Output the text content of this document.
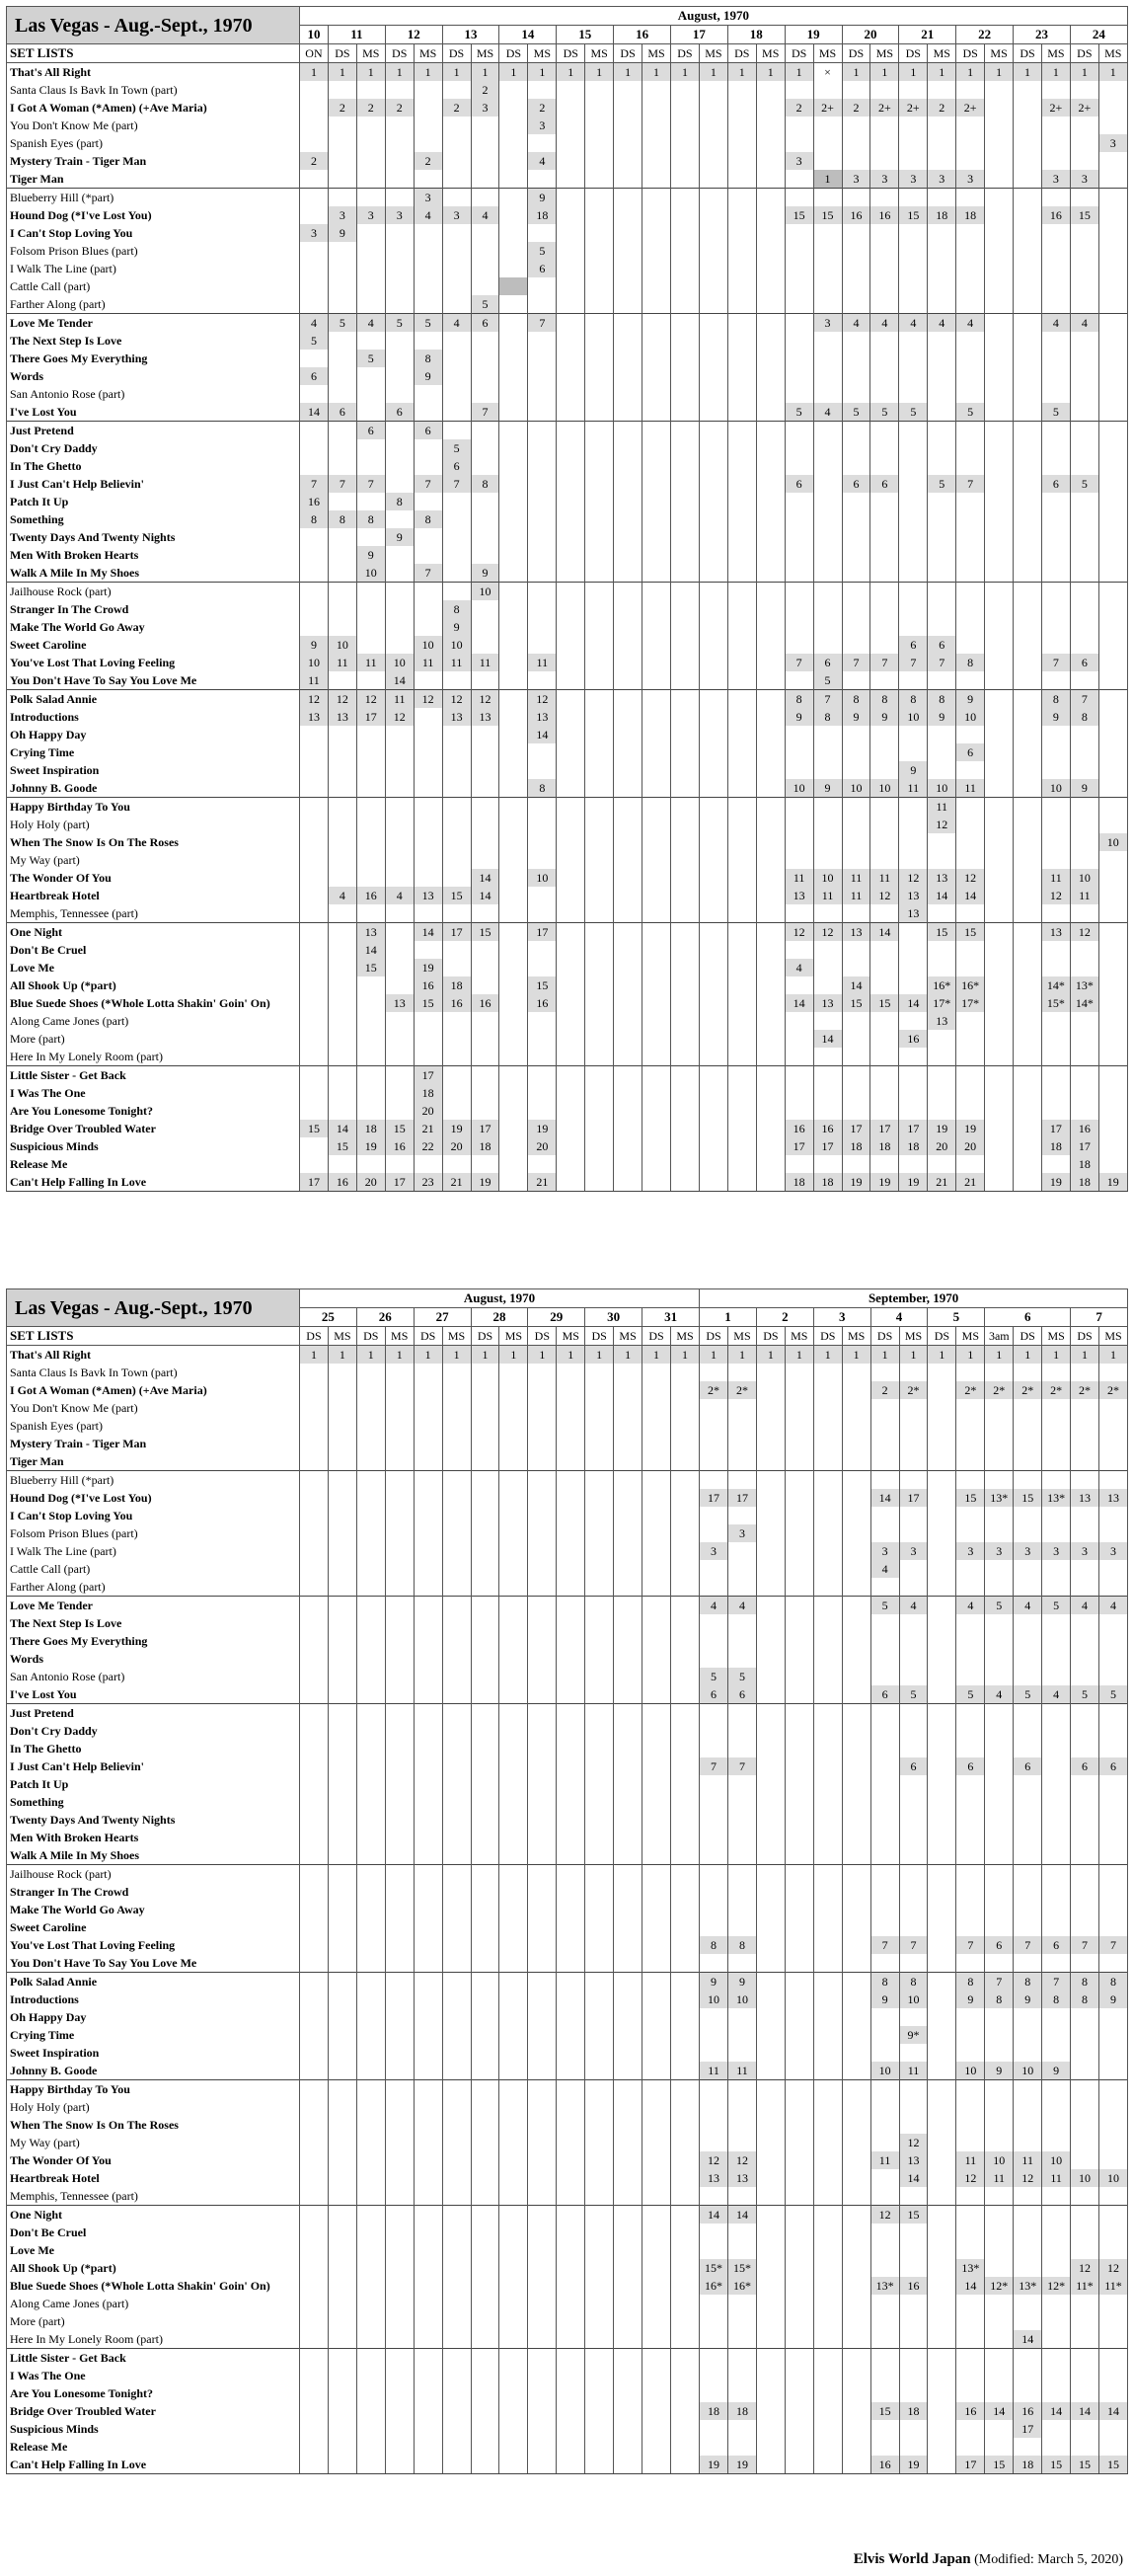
Las Vegas - Aug.-Sept., 1970	August, 1970																												
	10	11		12		13		14		15		16		17		18		19		20		21		22		23		24	
SET LISTS	ON	DS	MS	DS	MS	DS	MS	DS	MS	DS	MS	DS	MS	DS	MS	DS	MS	DS	MS	DS	MS	DS	MS	DS	MS	DS	MS	DS	MS
That's All Right	1	1	1	1	1	1	1	1	1	1	1	1	1	1	1	1	1	1	×	1	1	1	1	1	1	1	1	1	1
Santa Claus Is Bavk In Town (part)							2																						
I Got A Woman (*Amen) (+Ave Maria)		2	2	2		2	3		2									2	2+	2	2+	2+	2	2+			2+	2+	
You Don't Know Me (part)									3																				
Spanish Eyes (part)																													3
Mystery Train - Tiger Man	2				2				4									3											
Tiger Man																			1	3	3	3	3	3			3	3	
Blueberry Hill (*part)					3				9																				
Hound Dog (*I've Lost You)		3	3	3	4	3	4		18									15	15	16	16	15	18	18			16	15	
I Can't Stop Loving You	3	9																											
Folsom Prison Blues (part)									5																				
I Walk The Line (part)									6																				
Cattle Call (part)																													
Farther Along (part)							5																						
Love Me Tender	4	5	4	5	5	4	6		7										3	4	4	4	4	4			4	4	
The Next Step Is Love	5																												
There Goes My Everything			5		8																								
Words	6				9																								
San Antonio Rose (part)																													
I've Lost You	14	6		6			7											5	4	5	5	5		5			5		
Just Pretend			6		6																								
Don't Cry Daddy						5																							
In The Ghetto						6																							
I Just Can't Help Believin'	7	7	7		7	7	8											6		6	6		5	7			6	5	
Patch It Up	16			8																									
Something	8	8	8		8																								
Twenty Days And Twenty Nights				9																									
Men With Broken Hearts			9																										
Walk A Mile In My Shoes			10		7		9																						
Jailhouse Rock (part)							10																						
Stranger In The Crowd						8																							
Make The World Go Away						9																							
Sweet Caroline	9	10			10	10																6	6						
You've Lost That Loving Feeling	10	11	11	10	11	11	11		11									7	6	7	7	7	7	8			7	6	
You Don't Have To Say You Love Me	11			14															5										
Polk Salad Annie	12	12	12	11	12	12	12		12									8	7	8	8	8	8	9			8	7	
Introductions	13	13	17	12		13	13		13									9	8	9	9	10	9	10			9	8	
Oh Happy Day									14																				
Crying Time																								6					
Sweet Inspiration																						9							
Johnny B. Goode									8									10	9	10	10	11	10	11			10	9	
Happy Birthday To You																							11						
Holy Holy (part)																							12						
When The Snow Is On The Roses																													10
My Way (part)																													
The Wonder Of You							14		10									11	10	11	11	12	13	12			11	10	
Heartbreak Hotel		4	16	4	13	15	14											13	11	11	12	13	14	14			12	11	
Memphis, Tennessee (part)																						13							
One Night			13		14	17	15		17									12	12	13	14		15	15			13	12	
Don't Be Cruel			14																										
Love Me			15		19													4											
All Shook Up (*part)					16	18			15											14			16*	16*			14*	13*	
Blue Suede Shoes (*Whole Lotta Shakin' Goin' On)				13	15	16	16		16									14	13	15	15	14	17*	17*			15*	14*	
Along Came Jones (part)																							13						
More (part)																			14			16							
Here In My Lonely Room (part)																													
Little Sister - Get Back					17																								
I Was The One					18																								
Are You Lonesome Tonight?					20																								
Bridge Over Troubled Water	15	14	18	15	21	19	17		19									16	16	17	17	17	19	19			17	16	
Suspicious Minds		15	19	16	22	20	18		20									17	17	18	18	18	20	20			18	17	
Release Me																												18	
Can't Help Falling In Love	17	16	20	17	23	21	19		21									18	18	19	19	19	21	21			19	18	19
Las Vegas - Aug.-Sept., 1970	August, 1970														September, 1970														
	25		26		27		28		29		30		31		1		2		3		4		5		6			7	
SET LISTS	DS	MS	DS	MS	DS	MS	DS	MS	DS	MS	DS	MS	DS	MS	DS	MS	DS	MS	DS	MS	DS	MS	DS	MS	3am	DS	MS	DS	MS
That's All Right	1	1	1	1	1	1	1	1	1	1	1	1	1	1	1	1	1	1	1	1	1	1	1	1	1	1	1	1	1
Santa Claus Is Bavk In Town (part)																													
I Got A Woman (*Amen) (+Ave Maria)															2*	2*					2	2*		2*	2*	2*	2*	2*	2*
You Don't Know Me (part)																													
Spanish Eyes (part)																													
Mystery Train - Tiger Man																													
Tiger Man																													
Blueberry Hill (*part)																													
Hound Dog (*I've Lost You)															17	17					14	17		15	13*	15	13*	13	13
I Can't Stop Loving You																													
Folsom Prison Blues (part)																3													
I Walk The Line (part)															3						3	3		3	3	3	3	3	3
Cattle Call (part)																					4								
Farther Along (part)																													
Love Me Tender															4	4					5	4		4	5	4	5	4	4
The Next Step Is Love																													
There Goes My Everything																													
Words																													
San Antonio Rose (part)															5	5													
I've Lost You															6	6					6	5		5	4	5	4	5	5
Just Pretend																													
Don't Cry Daddy																													
In The Ghetto																													
I Just Can't Help Believin'															7	7						6		6		6		6	6
Patch It Up																													
Something																													
Twenty Days And Twenty Nights																													
Men With Broken Hearts																													
Walk A Mile In My Shoes																													
Jailhouse Rock (part)																													
Stranger In The Crowd																													
Make The World Go Away																													
Sweet Caroline																													
You've Lost That Loving Feeling															8	8					7	7		7	6	7	6	7	7
You Don't Have To Say You Love Me																													
Polk Salad Annie															9	9					8	8		8	7	8	7	8	8
Introductions															10	10					9	10		9	8	9	8	8	9
Oh Happy Day																													
Crying Time																						9*							
Sweet Inspiration																													
Johnny B. Goode															11	11					10	11		10	9	10	9		
Happy Birthday To You																													
Holy Holy (part)																													
When The Snow Is On The Roses																													
My Way (part)																						12							
The Wonder Of You															12	12					11	13		11	10	11	10		
Heartbreak Hotel															13	13						14		12	11	12	11	10	10
Memphis, Tennessee (part)																													
One Night															14	14					12	15							
Don't Be Cruel																													
Love Me																													
All Shook Up (*part)															15*	15*								13*				12	12
Blue Suede Shoes (*Whole Lotta Shakin' Goin' On)															16*	16*					13*	16		14	12*	13*	12*	11*	11*
Along Came Jones (part)																													
More (part)																													
Here In My Lonely Room (part)																										14			
Little Sister - Get Back																													
I Was The One																													
Are You Lonesome Tonight?																													
Bridge Over Troubled Water															18	18					15	18		16	14	16	14	14	14
Suspicious Minds																										17			
Release Me																													
Can't Help Falling In Love															19	19					16	19		17	15	18	15	15	15
Elvis World Japan (Modified: March 5, 2020)
